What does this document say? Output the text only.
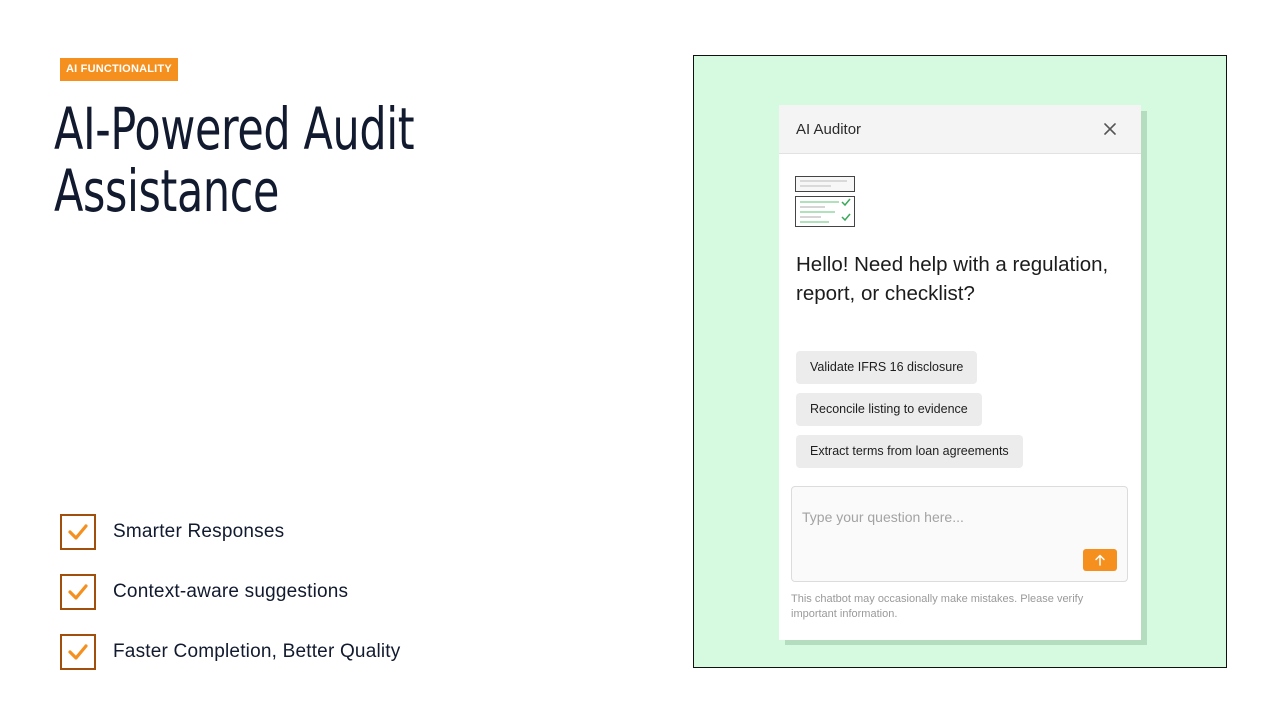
AI FUNCTIONALITY
AI-Powered Audit
Assistance
Smarter Responses
Context-aware suggestions
Faster Completion, Better Quality
AI Auditor
Hello! Need help with a regulation, report, or checklist?
Validate IFRS 16 disclosure
Reconcile listing to evidence
Extract terms from loan agreements
Type your question here...
This chatbot may occasionally make mistakes. Please verify important information.
